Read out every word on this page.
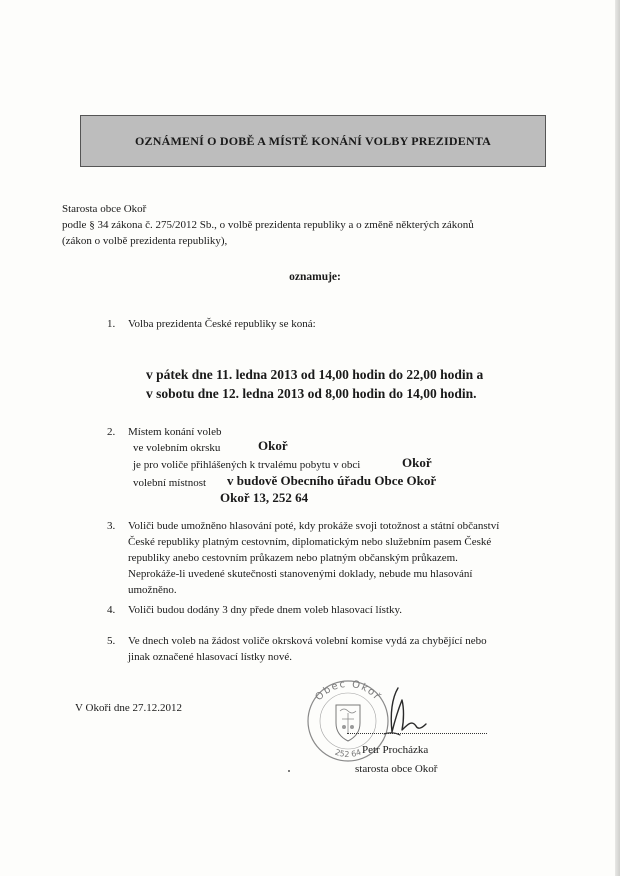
OZNÁMENÍ O DOBĚ A MÍSTĚ KONÁNÍ VOLBY PREZIDENTA
Starosta obce Okoř
podle § 34 zákona č. 275/2012 Sb., o volbě prezidenta republiky a o změně některých zákonů
(zákon o volbě prezidenta republiky),
oznamuje:
1. Volba prezidenta České republiky se koná:
v pátek dne 11. ledna 2013 od 14,00 hodin do 22,00 hodin a
v sobotu dne 12. ledna 2013 od 8,00 hodin do 14,00 hodin.
2. Místem konání voleb
ve volebním okrsku	Okoř
je pro voliče přihlášených k trvalému pobytu v obci	Okoř
volební místnost v budově Obecního úřadu Obce Okoř
Okoř 13, 252 64
3. Voliči bude umožněno hlasování poté, kdy prokáže svoji totožnost a státní občanství
České republiky platným cestovním, diplomatickým nebo služebním pasem České
republiky anebo cestovním průkazem nebo platným občanským průkazem.
Neprokáže-li uvedené skutečnosti stanovenými doklady, nebude mu hlasování
umožněno.
4. Voliči budou dodány 3 dny přede dnem voleb hlasovací lístky.
5. Ve dnech voleb na žádost voliče okrsková volební komise vydá za chybějící nebo
jinak označené hlasovací lístky nové.
V Okoři dne 27.12.2012
Obec Okoř
252 64 Petr Procházka
starosta obce Okoř
